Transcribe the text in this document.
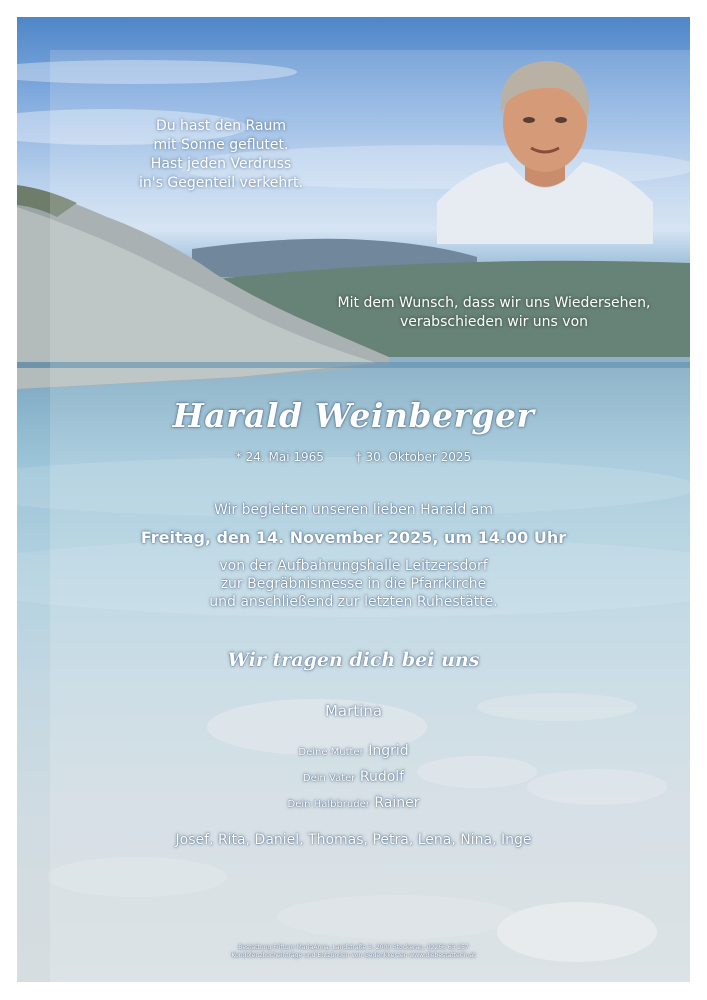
Du hast den Raum
mit Sonne geflutet.
Hast jeden Verdruss
in's Gegenteil verkehrt.
Mit dem Wunsch, dass wir uns Wiedersehen,
verabschieden wir uns von
Harald Weinberger
* 24. Mai 1965	† 30. Oktober 2025
Wir begleiten unseren lieben Harald am
Freitag, den 14. November 2025, um 14.00 Uhr
von der Aufbahrungshalle Leitzersdorf
zur Begräbnismesse in die Pfarrkirche
und anschließend zur letzten Ruhestätte.
Wir tragen dich bei uns
Martina
Deine Mutter Ingrid
Dein Vater Rudolf
Dein Halbbruder Rainer
Josef, Rita, Daniel, Thomas, Petra, Lena, Nina, Inge
Bestattung Frittum MariaAnna, Landstraße 3, 2000 Stockerau, 02266 63 257
Kondolenzbucheinträge und Entzünden von Gedenkkerzen www.diebestatterin.at
